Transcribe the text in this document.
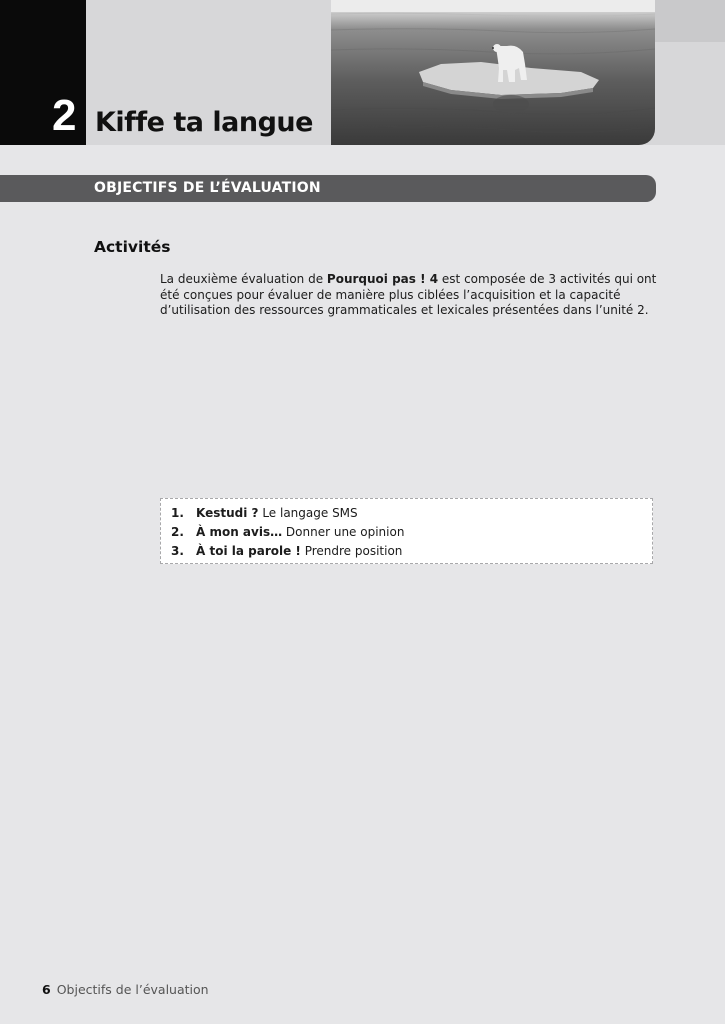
2 Kiffe ta langue
OBJECTIFS DE L’ÉVALUATION
Activités

La deuxième évaluation de Pourquoi pas ! 4 est composée de 3 activités qui ont été conçues pour évaluer de manière plus ciblées l’acquisition et la capacité d’utilisation des ressources grammaticales et lexicales présentées dans l’unité 2.

1. Kestudi ? Le langage SMS
2. À mon avis… Donner une opinion
3. À toi la parole ! Prendre position
6 Objectifs de l’évaluation
